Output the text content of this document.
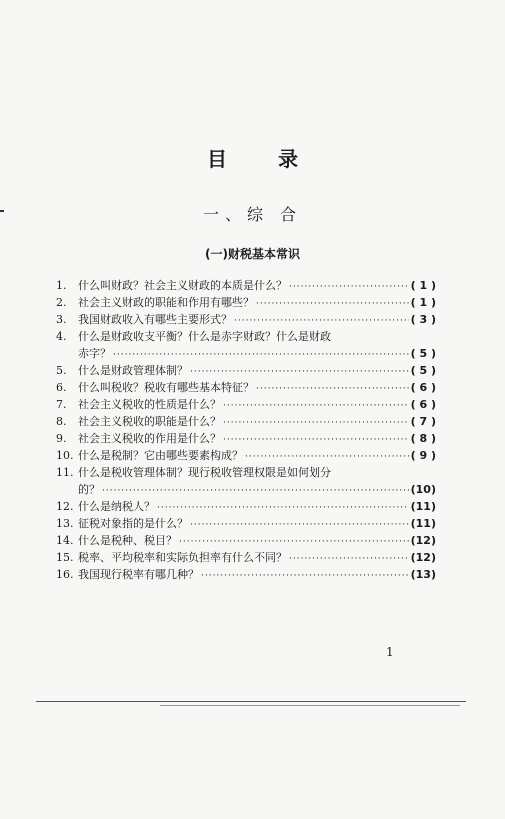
目 录
一、综 合
(一)财税基本常识
1.	什么叫财政？社会主义财政的本质是什么？ ·····	( 1 )
2.	社会主义财政的职能和作用有哪些？ ·····	( 1 )
3.	我国财政收入有哪些主要形式？ ·····	( 3 )
4.	什么是财政收支平衡？什么是赤字财政？什么是财政
赤字？ ·····	( 5 )
5.	什么是财政管理体制？ ·····	( 5 )
6.	什么叫税收？税收有哪些基本特征？ ·····	( 6 )
7.	社会主义税收的性质是什么？ ·····	( 6 )
8.	社会主义税收的职能是什么？ ·····	( 7 )
9.	社会主义税收的作用是什么？ ·····	( 8 )
10. 什么是税制？它由哪些要素构成？ ·····	( 9 )
11. 什么是税收管理体制？现行税收管理权限是如何划分
的？ ·····	(10)
12. 什么是纳税人？ ·····	(11)
13. 征税对象指的是什么？ ·····	(11)
14. 什么是税种、税目？ ·····	(12)
15. 税率、平均税率和实际负担率有什么不同？ ·····	(12)
16. 我国现行税率有哪几种？ ·····	(13)
1
